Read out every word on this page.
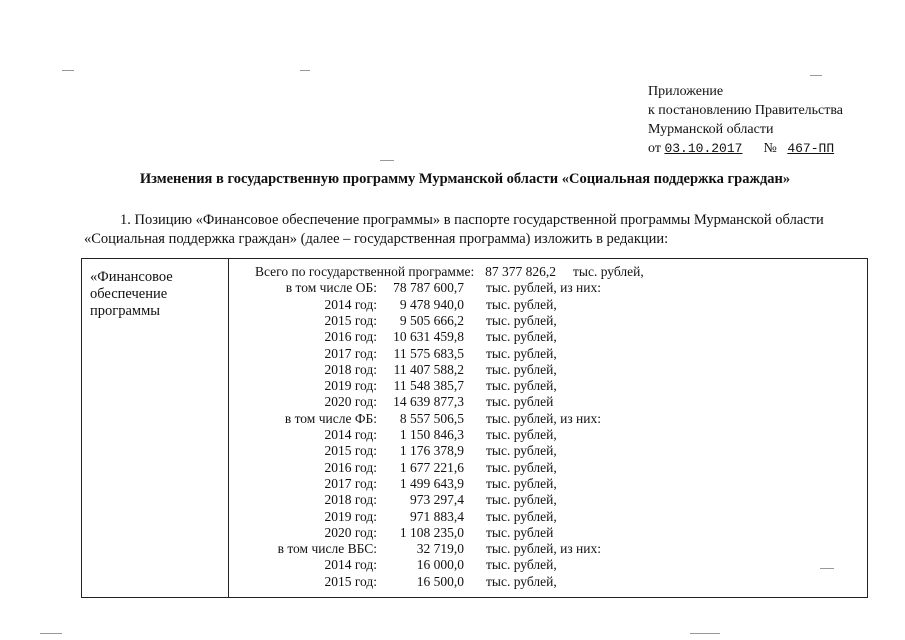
Приложение
к постановлению Правительства
Мурманской области
от 03.10.2017 № 467-ПП
Изменения в государственную программу Мурманской области «Социальная поддержка граждан»
1. Позицию «Финансовое обеспечение программы» в паспорте государственной программы Мурманской области
«Социальная поддержка граждан» (далее – государственная программа) изложить в редакции:
«Финансовое
обеспечение
программы
Всего по государственной программе: 87 377 826,2 тыс. рублей,
в том числе ОБ:	78 787 600,7 тыс. рублей, из них:
2014 год:	9 478 940,0 тыс. рублей,
2015 год:	9 505 666,2 тыс. рублей,
2016 год:	10 631 459,8 тыс. рублей,
2017 год:	11 575 683,5 тыс. рублей,
2018 год:	11 407 588,2 тыс. рублей,
2019 год:	11 548 385,7 тыс. рублей,
2020 год:	14 639 877,3 тыс. рублей
в том числе ФБ:	8 557 506,5 тыс. рублей, из них:
2014 год:	1 150 846,3 тыс. рублей,
2015 год:	1 176 378,9 тыс. рублей,
2016 год:	1 677 221,6 тыс. рублей,
2017 год:	1 499 643,9 тыс. рублей,
2018 год:	973 297,4 тыс. рублей,
2019 год:	971 883,4 тыс. рублей,
2020 год:	1 108 235,0 тыс. рублей
в том числе ВБС:	32 719,0 тыс. рублей, из них:
2014 год:	16 000,0 тыс. рублей,
2015 год:	16 500,0 тыс. рублей,
